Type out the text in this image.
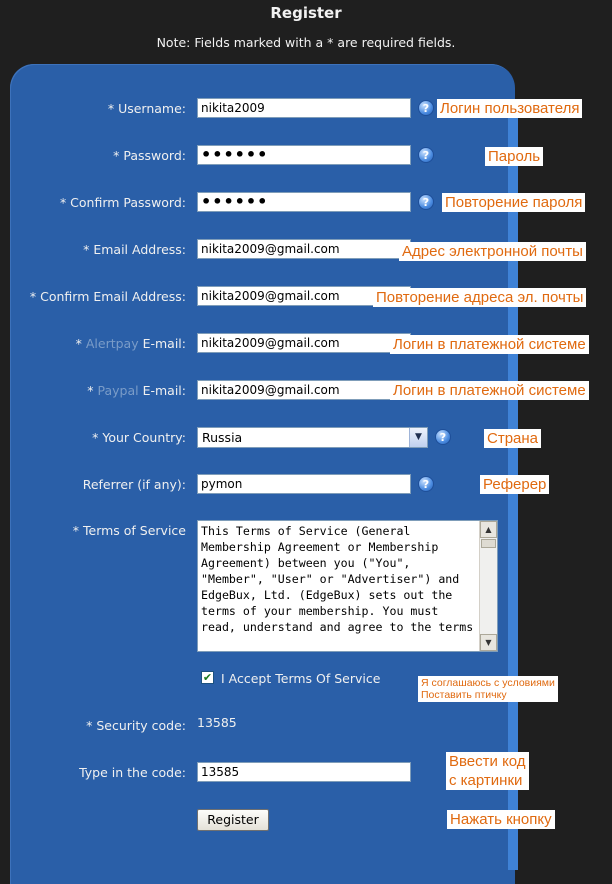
Register
Note: Fields marked with a * are required fields.
* Username:
nikita2009	? Логин пользователя
* Password: ••••••	?	Пароль
* Confirm Password: ••••••	?	Повторение пароля
* Email Address:
nikita2009@gmail.com	Адрес электронной почты
* Confirm Email Address:
nikita2009@gmail.com	Повторение адреса эл. почты
* Alertpay E-mail:
nikita2009@gmail.com	Логин в платежной системе
* Paypal E-mail:
nikita2009@gmail.com	Логин в платежной системе
* Your Country: Russia	▼	?	Страна
Referrer (if any):
pymon	?	Реферер
* Terms of Service This Terms of Service (General Membership Agreement or Membership Agreement) between you ("You", "Member", "User" or "Advertiser") and EdgeBux, Ltd. (EdgeBux) sets out the terms of your membership. You must read, understand and agree to the terms
▲
▼
✔ I Accept Terms Of Service	Я соглашаюсь с условиями
Поставить птичку
* Security code: 13585
Type in the code:
13585
Ввести код
с картинки
Register	Нажать кнопку
